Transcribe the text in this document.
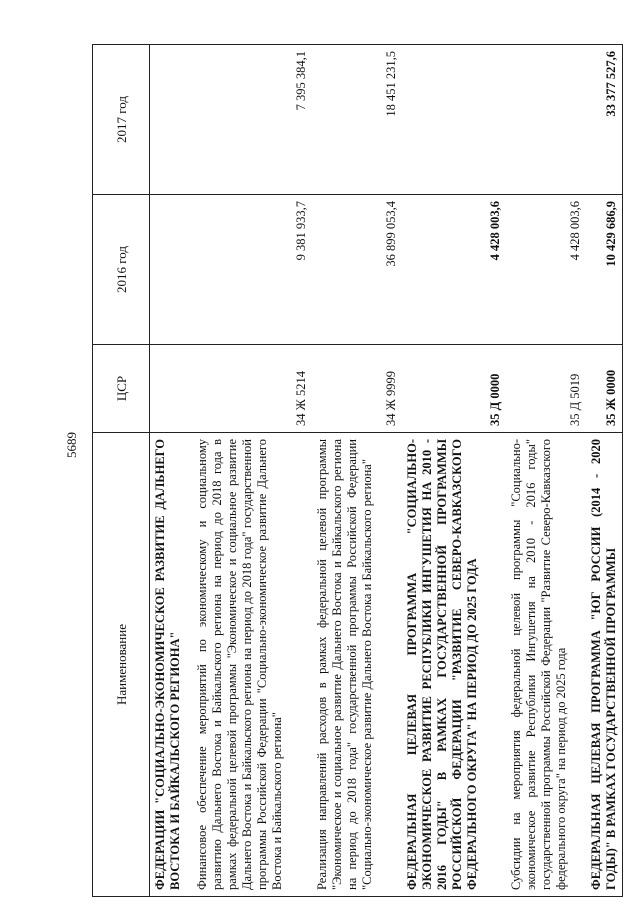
5689
Наименование	ЦСР	2016 год	2017 год
ФЕДЕРАЦИИ "СОЦИАЛЬНО-ЭКОНОМИЧЕСКОЕ РАЗВИТИЕ ДАЛЬНЕГО ВОСТОКА И БАЙКАЛЬСКОГО РЕГИОНА"			
Финансовое обеспечение мероприятий по экономическому и социальному развитию Дальнего Востока и Байкальского региона на период до 2018 года в рамках федеральной целевой программы "Экономическое и социальное развитие Дальнего Востока и Байкальского региона на период до 2018 года" государственной программы Российской Федерации "Социально-экономическое развитие Дальнего Востока и Байкальского региона"	34 Ж 5214	9 381 933,7	7 395 384,1
Реализация направлений расходов в рамках федеральной целевой программы "Экономическое и социальное развитие Дальнего Востока и Байкальского региона на период до 2018 года" государственной программы Российской Федерации "Социально-экономическое развитие Дальнего Востока и Байкальского региона"	34 Ж 9999	36 899 053,4	18 451 231,5
ФЕДЕРАЛЬНАЯ ЦЕЛЕВАЯ ПРОГРАММА "СОЦИАЛЬНО-ЭКОНОМИЧЕСКОЕ РАЗВИТИЕ РЕСПУБЛИКИ ИНГУШЕТИЯ НА 2010 - 2016 ГОДЫ" В РАМКАХ ГОСУДАРСТВЕННОЙ ПРОГРАММЫ РОССИЙСКОЙ ФЕДЕРАЦИИ "РАЗВИТИЕ СЕВЕРО-КАВКАЗСКОГО ФЕДЕРАЛЬНОГО ОКРУГА" НА ПЕРИОД ДО 2025 ГОДА	35 Д 0000	4 428 003,6	
Субсидии на мероприятия федеральной целевой программы "Социально-экономическое развитие Республики Ингушетия на 2010 - 2016 годы" государственной программы Российской Федерации "Развитие Северо-Кавказского федерального округа" на период до 2025 года	35 Д 5019	4 428 003,6	
ФЕДЕРАЛЬНАЯ ЦЕЛЕВАЯ ПРОГРАММА "ЮГ РОССИИ (2014 - 2020 ГОДЫ)" В РАМКАХ ГОСУДАРСТВЕННОЙ ПРОГРАММЫ	35 Ж 0000	10 429 686,9	33 377 527,6
